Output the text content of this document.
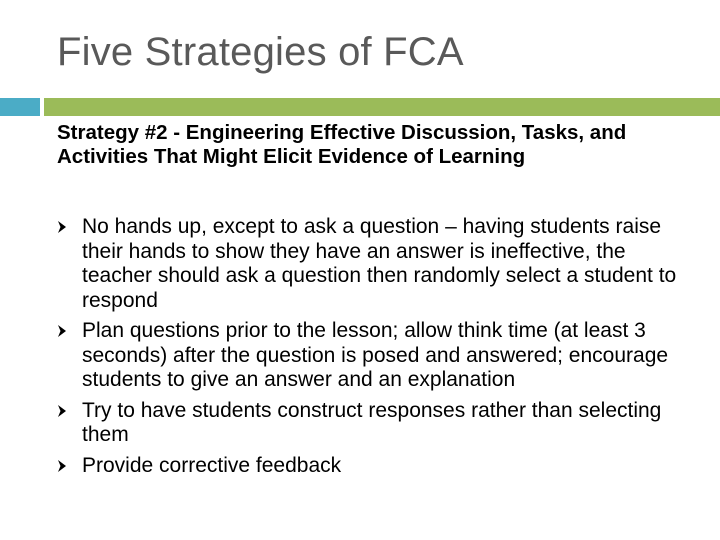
Five Strategies of FCA
Strategy #2 - Engineering Effective Discussion, Tasks, and Activities That Might Elicit Evidence of Learning
No hands up, except to ask a question – having students raise their hands to show they have an answer is ineffective, the teacher should ask a question then randomly select a student to respond
Plan questions prior to the lesson; allow think time (at least 3 seconds) after the question is posed and answered; encourage students to give an answer and an explanation
Try to have students construct responses rather than selecting them
Provide corrective feedback
